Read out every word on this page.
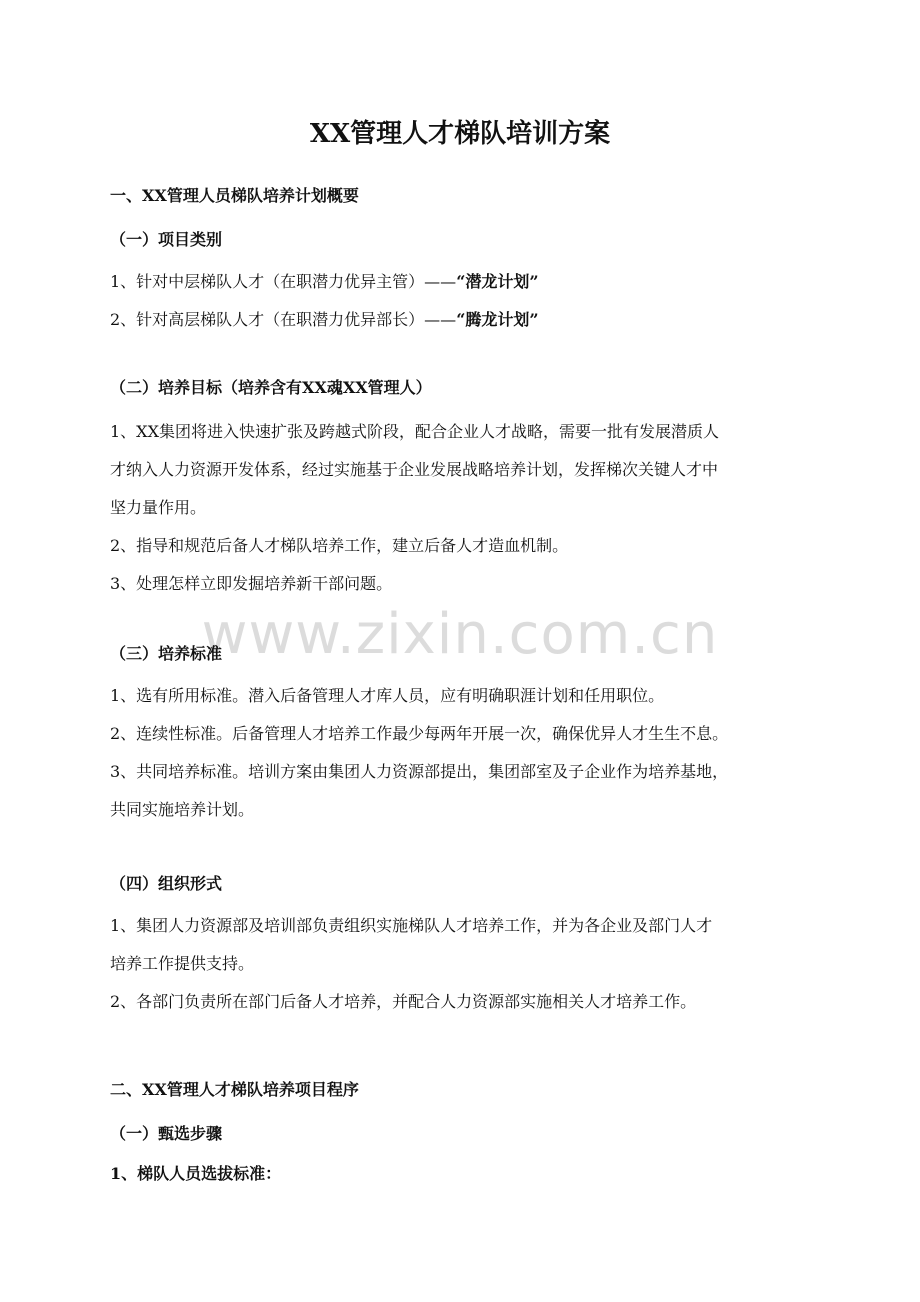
www.zixin.com.cn
XX管理人才梯队培训方案
一、XX管理人员梯队培养计划概要
（一）项目类别
1、针对中层梯队人才（在职潜力优异主管）——“潜龙计划”
2、针对高层梯队人才（在职潜力优异部长）——“腾龙计划”
（二）培养目标（培养含有XX魂XX管理人）
1、XX集团将进入快速扩张及跨越式阶段，配合企业人才战略，需要一批有发展潜质人
才纳入人力资源开发体系，经过实施基于企业发展战略培养计划，发挥梯次关键人才中
坚力量作用。
2、指导和规范后备人才梯队培养工作，建立后备人才造血机制。
3、处理怎样立即发掘培养新干部问题。
（三）培养标准
1、选有所用标准。潜入后备管理人才库人员，应有明确职涯计划和任用职位。
2、连续性标准。后备管理人才培养工作最少每两年开展一次，确保优异人才生生不息。
3、共同培养标准。培训方案由集团人力资源部提出，集团部室及子企业作为培养基地，
共同实施培养计划。
（四）组织形式
1、集团人力资源部及培训部负责组织实施梯队人才培养工作，并为各企业及部门人才
培养工作提供支持。
2、各部门负责所在部门后备人才培养，并配合人力资源部实施相关人才培养工作。
二、XX管理人才梯队培养项目程序
（一）甄选步骤
1、梯队人员选拔标准：
